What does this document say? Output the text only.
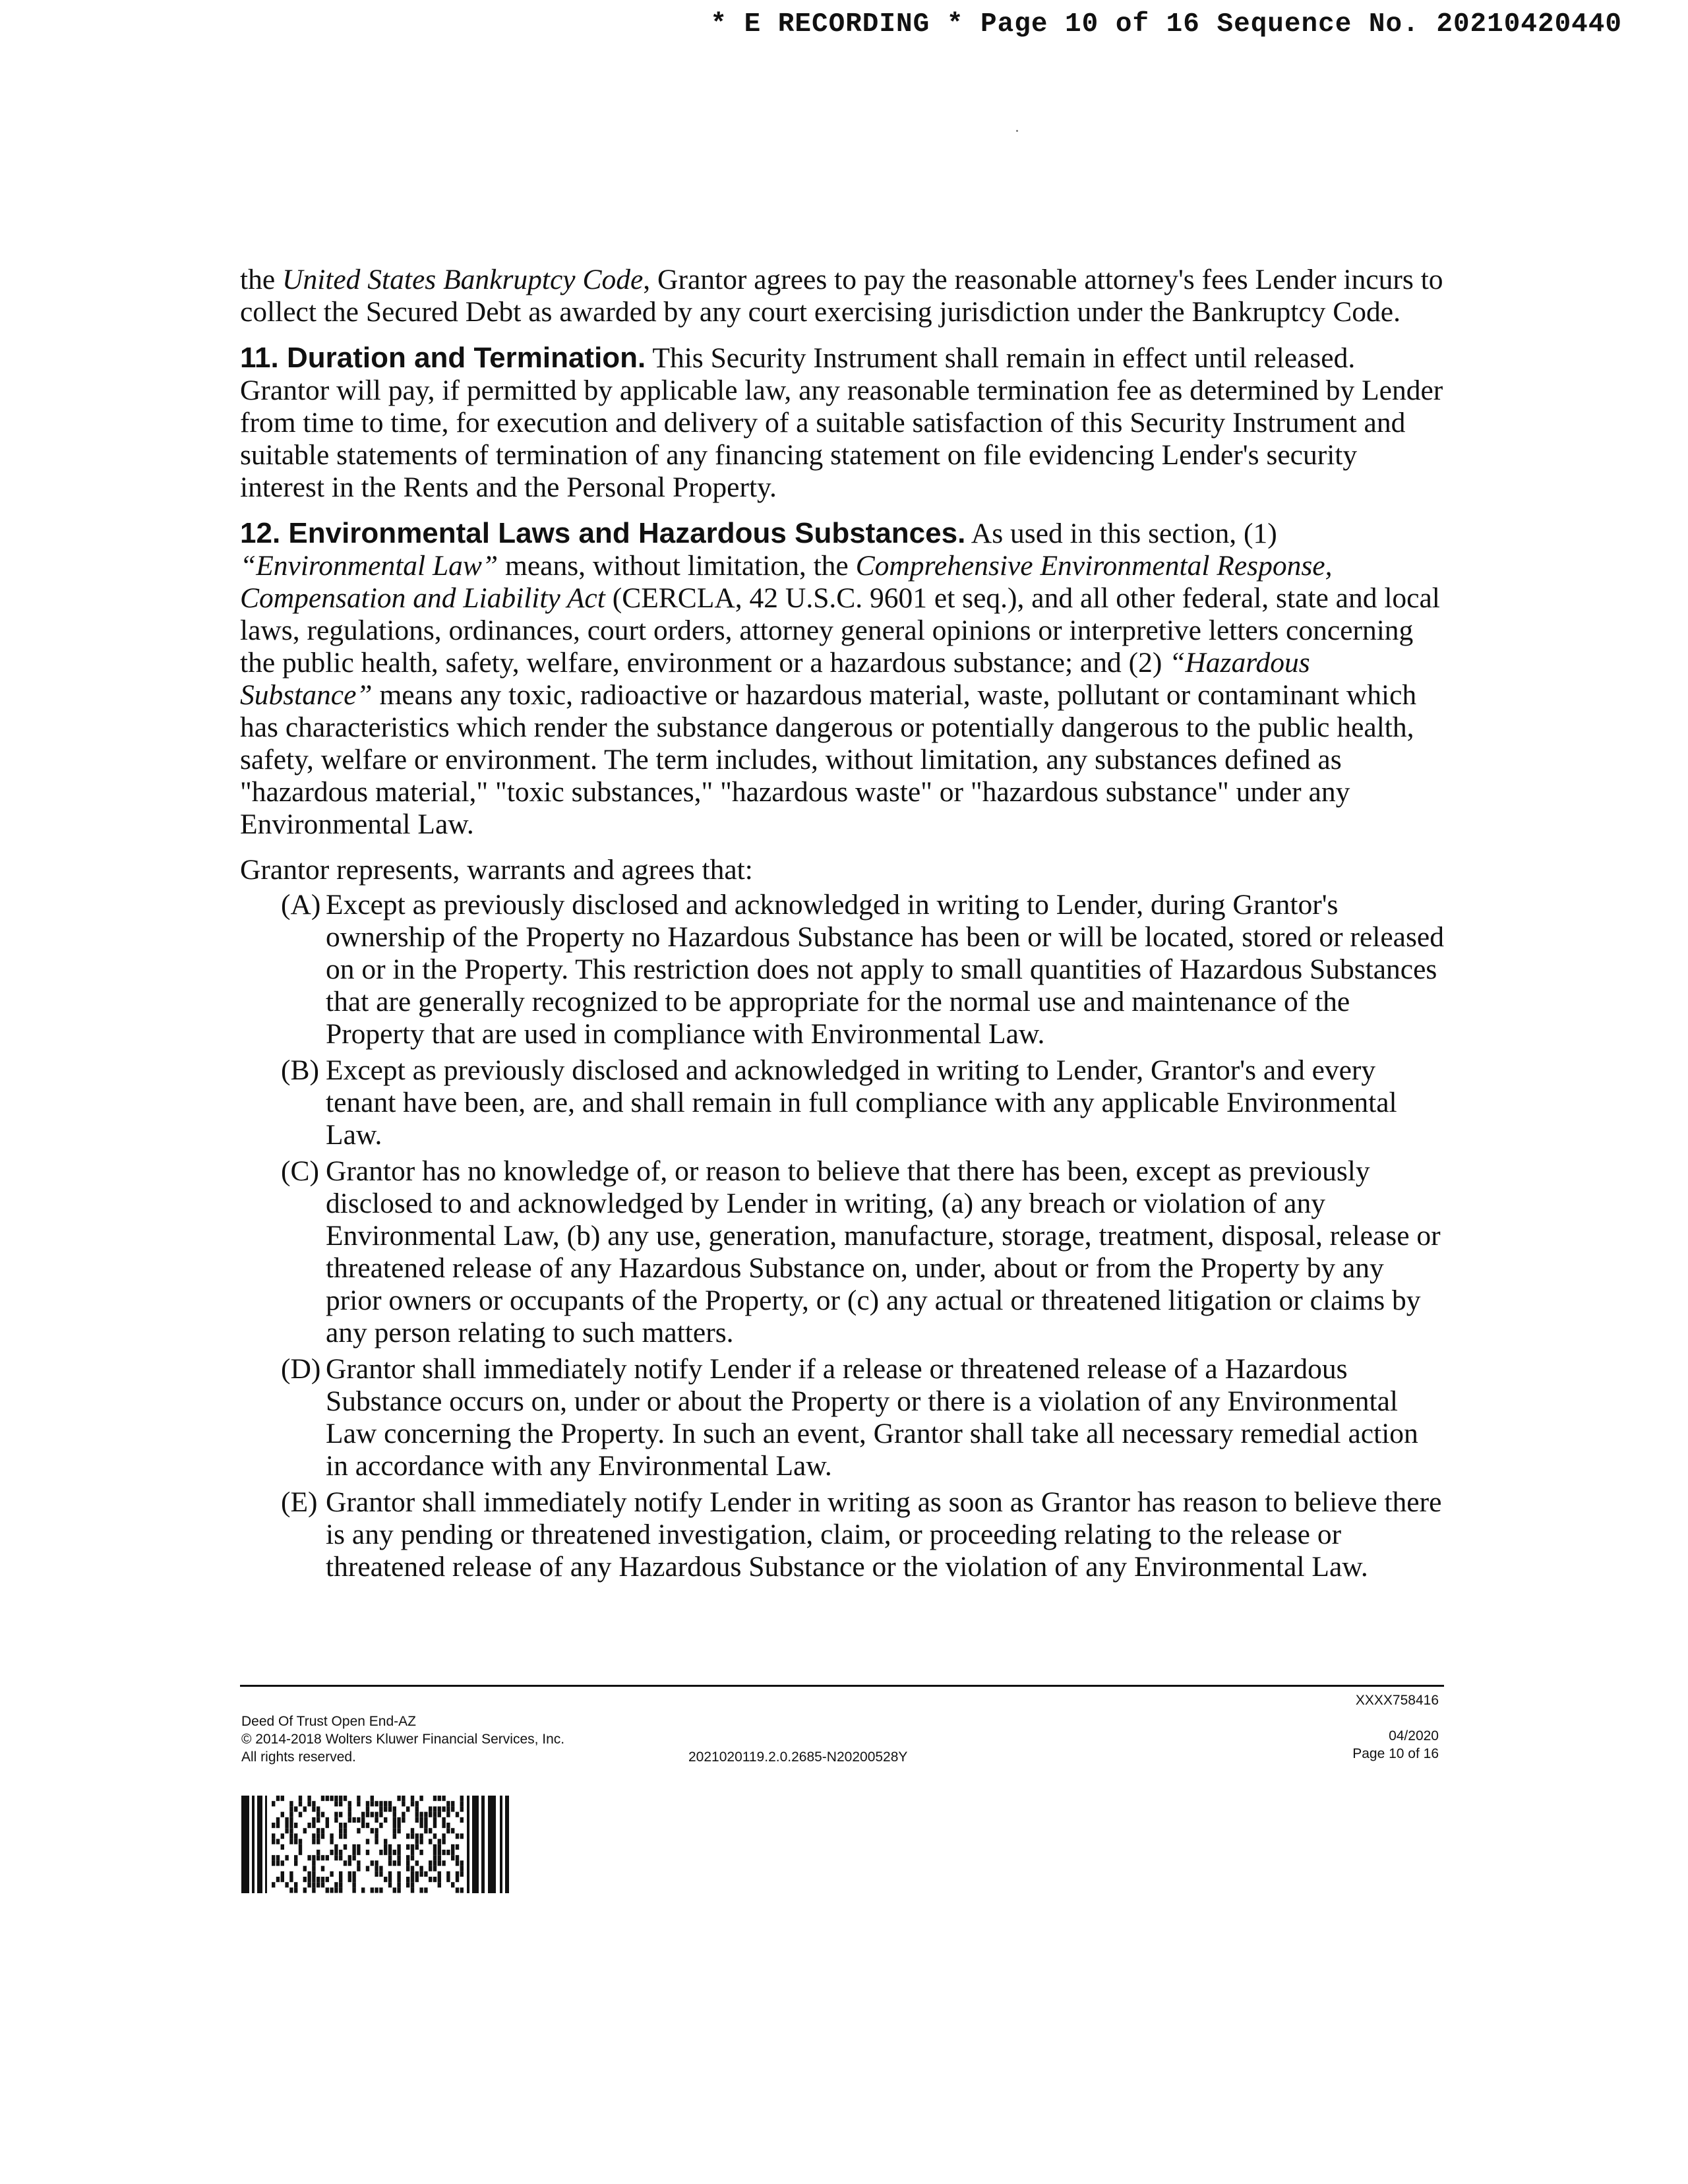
* E RECORDING * Page 10 of 16 Sequence No. 20210420440

the United States Bankruptcy Code, Grantor agrees to pay the reasonable attorney's fees Lender incurs to collect the Secured Debt as awarded by any court exercising jurisdiction under the Bankruptcy Code.

11. Duration and Termination. This Security Instrument shall remain in effect until released. Grantor will pay, if permitted by applicable law, any reasonable termination fee as determined by Lender from time to time, for execution and delivery of a suitable satisfaction of this Security Instrument and suitable statements of termination of any financing statement on file evidencing Lender's security interest in the Rents and the Personal Property.

12. Environmental Laws and Hazardous Substances. As used in this section, (1) “Environmental Law” means, without limitation, the Comprehensive Environmental Response, Compensation and Liability Act (CERCLA, 42 U.S.C. 9601 et seq.), and all other federal, state and local laws, regulations, ordinances, court orders, attorney general opinions or interpretive letters concerning the public health, safety, welfare, environment or a hazardous substance; and (2) “Hazardous Substance” means any toxic, radioactive or hazardous material, waste, pollutant or contaminant which has characteristics which render the substance dangerous or potentially dangerous to the public health, safety, welfare or environment. The term includes, without limitation, any substances defined as "hazardous material," "toxic substances," "hazardous waste" or "hazardous substance" under any Environmental Law.

Grantor represents, warrants and agrees that:

(A) Except as previously disclosed and acknowledged in writing to Lender, during Grantor's ownership of the Property no Hazardous Substance has been or will be located, stored or released on or in the Property. This restriction does not apply to small quantities of Hazardous Substances that are generally recognized to be appropriate for the normal use and maintenance of the Property that are used in compliance with Environmental Law.
(B) Except as previously disclosed and acknowledged in writing to Lender, Grantor's and every tenant have been, are, and shall remain in full compliance with any applicable Environmental Law.
(C) Grantor has no knowledge of, or reason to believe that there has been, except as previously disclosed to and acknowledged by Lender in writing, (a) any breach or violation of any Environmental Law, (b) any use, generation, manufacture, storage, treatment, disposal, release or threatened release of any Hazardous Substance on, under, about or from the Property by any prior owners or occupants of the Property, or (c) any actual or threatened litigation or claims by any person relating to such matters.
(D) Grantor shall immediately notify Lender if a release or threatened release of a Hazardous Substance occurs on, under or about the Property or there is a violation of any Environmental Law concerning the Property. In such an event, Grantor shall take all necessary remedial action in accordance with any Environmental Law.
(E) Grantor shall immediately notify Lender in writing as soon as Grantor has reason to believe there is any pending or threatened investigation, claim, or proceeding relating to the release or threatened release of any Hazardous Substance or the violation of any Environmental Law.
Deed Of Trust Open End-AZ
© 2014-2018 Wolters Kluwer Financial Services, Inc.
All rights reserved.	2021020119.2.0.2685-N20200528Y
XXXX758416
04/2020
Page 10 of 16
